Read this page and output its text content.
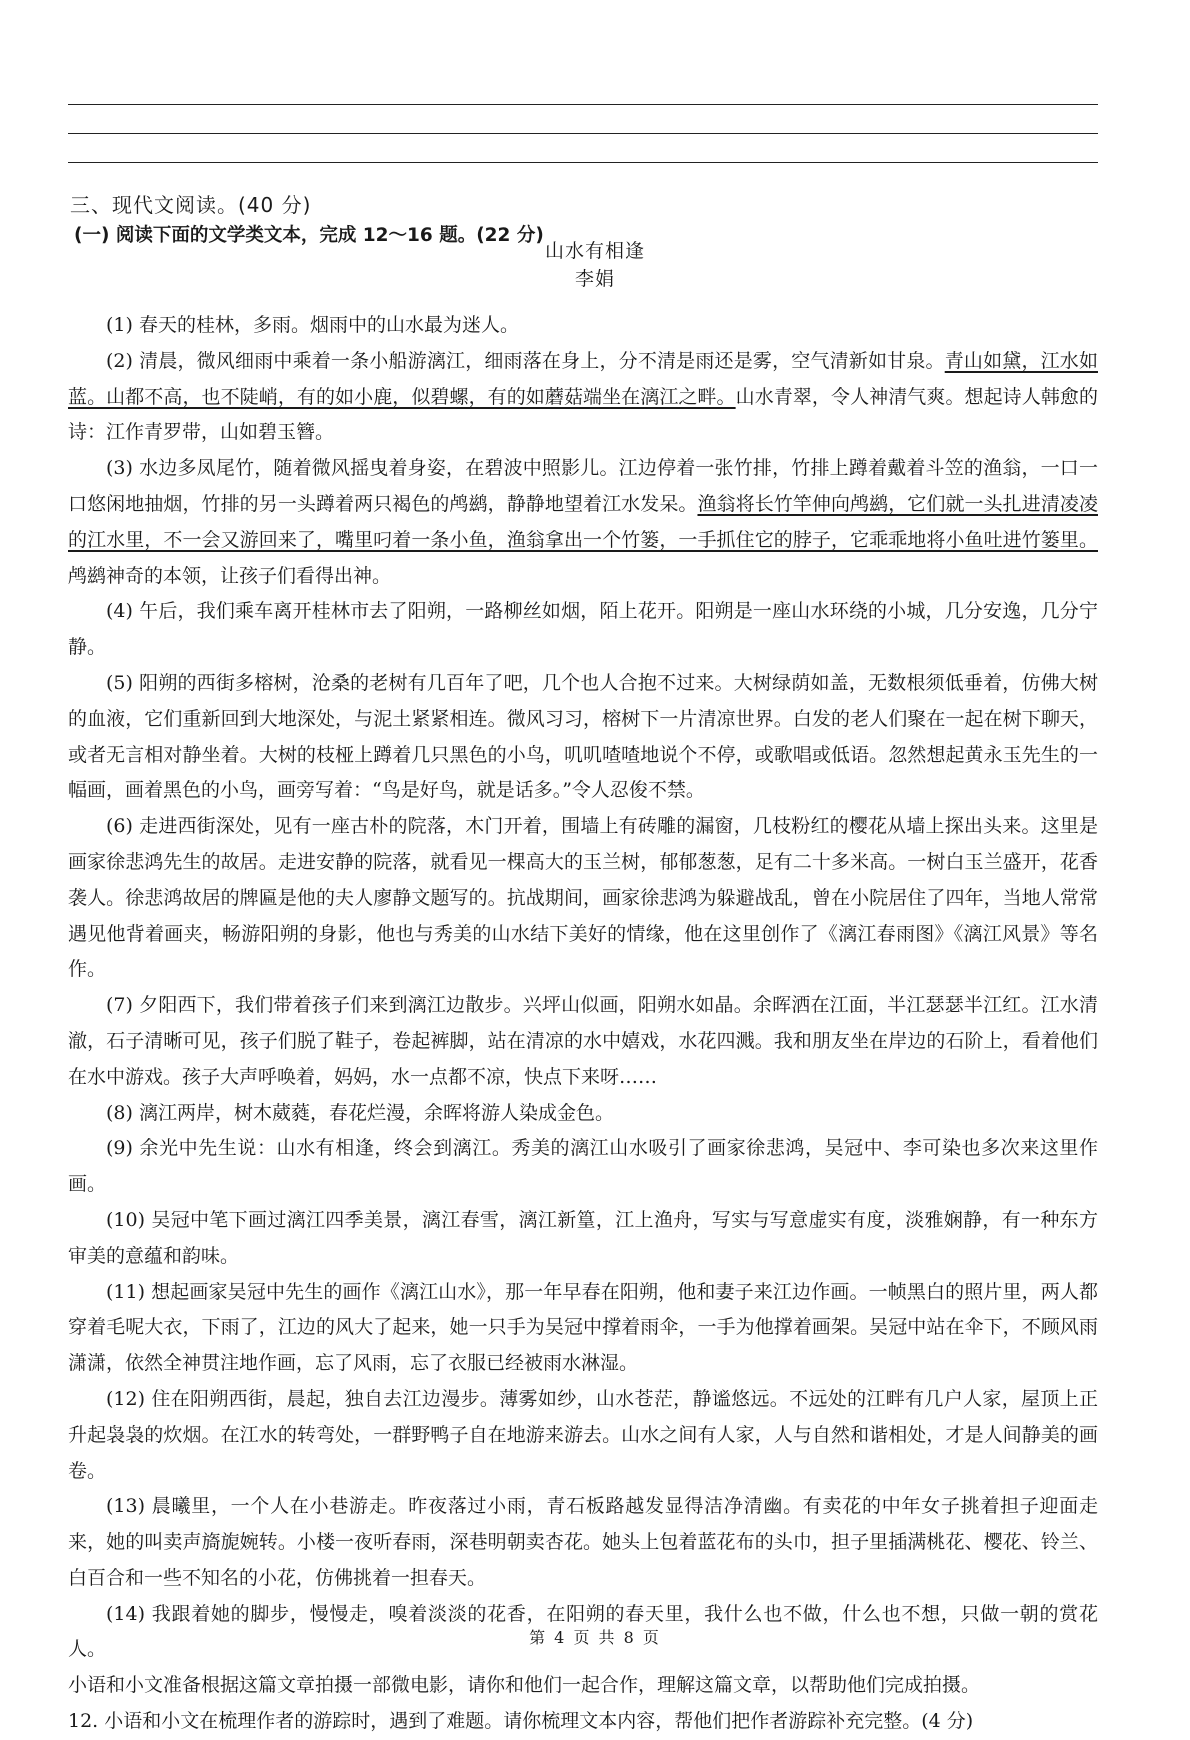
三、现代文阅读。(40 分)
(一) 阅读下面的文学类文本，完成 12～16 题。(22 分)
山水有相逢
李娟

(1) 春天的桂林，多雨。烟雨中的山水最为迷人。

(2) 清晨，微风细雨中乘着一条小船游漓江，细雨落在身上，分不清是雨还是雾，空气清新如甘泉。青山如黛，江水如蓝。山都不高，也不陡峭，有的如小鹿，似碧螺，有的如蘑菇端坐在漓江之畔。山水青翠，令人神清气爽。想起诗人韩愈的诗：江作青罗带，山如碧玉簪。

(3) 水边多凤尾竹，随着微风摇曳着身姿，在碧波中照影儿。江边停着一张竹排，竹排上蹲着戴着斗笠的渔翁，一口一口悠闲地抽烟，竹排的另一头蹲着两只褐色的鸬鹚，静静地望着江水发呆。渔翁将长竹竿伸向鸬鹚，它们就一头扎进清凌凌的江水里，不一会又游回来了，嘴里叼着一条小鱼，渔翁拿出一个竹篓，一手抓住它的脖子，它乖乖地将小鱼吐进竹篓里。鸬鹚神奇的本领，让孩子们看得出神。

(4) 午后，我们乘车离开桂林市去了阳朔，一路柳丝如烟，陌上花开。阳朔是一座山水环绕的小城，几分安逸，几分宁静。

(5) 阳朔的西街多榕树，沧桑的老树有几百年了吧，几个也人合抱不过来。大树绿荫如盖，无数根须低垂着，仿佛大树的血液，它们重新回到大地深处，与泥土紧紧相连。微风习习，榕树下一片清凉世界。白发的老人们聚在一起在树下聊天，或者无言相对静坐着。大树的枝桠上蹲着几只黑色的小鸟，叽叽喳喳地说个不停，或歌唱或低语。忽然想起黄永玉先生的一幅画，画着黑色的小鸟，画旁写着：“鸟是好鸟，就是话多。”令人忍俊不禁。

(6) 走进西街深处，见有一座古朴的院落，木门开着，围墙上有砖雕的漏窗，几枝粉红的樱花从墙上探出头来。这里是画家徐悲鸿先生的故居。走进安静的院落，就看见一棵高大的玉兰树，郁郁葱葱，足有二十多米高。一树白玉兰盛开，花香袭人。徐悲鸿故居的牌匾是他的夫人廖静文题写的。抗战期间，画家徐悲鸿为躲避战乱，曾在小院居住了四年，当地人常常遇见他背着画夹，畅游阳朔的身影，他也与秀美的山水结下美好的情缘，他在这里创作了《漓江春雨图》《漓江风景》等名作。

(7) 夕阳西下，我们带着孩子们来到漓江边散步。兴坪山似画，阳朔水如晶。余晖洒在江面，半江瑟瑟半江红。江水清澈，石子清晰可见，孩子们脱了鞋子，卷起裤脚，站在清凉的水中嬉戏，水花四溅。我和朋友坐在岸边的石阶上，看着他们在水中游戏。孩子大声呼唤着，妈妈，水一点都不凉，快点下来呀……

(8) 漓江两岸，树木葳蕤，春花烂漫，余晖将游人染成金色。

(9) 余光中先生说：山水有相逢，终会到漓江。秀美的漓江山水吸引了画家徐悲鸿，吴冠中、李可染也多次来这里作画。

(10) 吴冠中笔下画过漓江四季美景，漓江春雪，漓江新篁，江上渔舟，写实与写意虚实有度，淡雅娴静，有一种东方审美的意蕴和韵味。

(11) 想起画家吴冠中先生的画作《漓江山水》，那一年早春在阳朔，他和妻子来江边作画。一帧黑白的照片里，两人都穿着毛呢大衣，下雨了，江边的风大了起来，她一只手为吴冠中撑着雨伞，一手为他撑着画架。吴冠中站在伞下，不顾风雨潇潇，依然全神贯注地作画，忘了风雨，忘了衣服已经被雨水淋湿。

(12) 住在阳朔西街，晨起，独自去江边漫步。薄雾如纱，山水苍茫，静谧悠远。不远处的江畔有几户人家，屋顶上正升起袅袅的炊烟。在江水的转弯处，一群野鸭子自在地游来游去。山水之间有人家，人与自然和谐相处，才是人间静美的画卷。

(13) 晨曦里，一个人在小巷游走。昨夜落过小雨，青石板路越发显得洁净清幽。有卖花的中年女子挑着担子迎面走来，她的叫卖声旖旎婉转。小楼一夜听春雨，深巷明朝卖杏花。她头上包着蓝花布的头巾，担子里插满桃花、樱花、铃兰、白百合和一些不知名的小花，仿佛挑着一担春天。

(14) 我跟着她的脚步，慢慢走，嗅着淡淡的花香，在阳朔的春天里，我什么也不做，什么也不想，只做一朝的赏花人。

小语和小文准备根据这篇文章拍摄一部微电影，请你和他们一起合作，理解这篇文章，以帮助他们完成拍摄。

12. 小语和小文在梳理作者的游踪时，遇到了难题。请你梳理文本内容，帮他们把作者游踪补充完整。(4 分)

第 4 页 共 8 页
